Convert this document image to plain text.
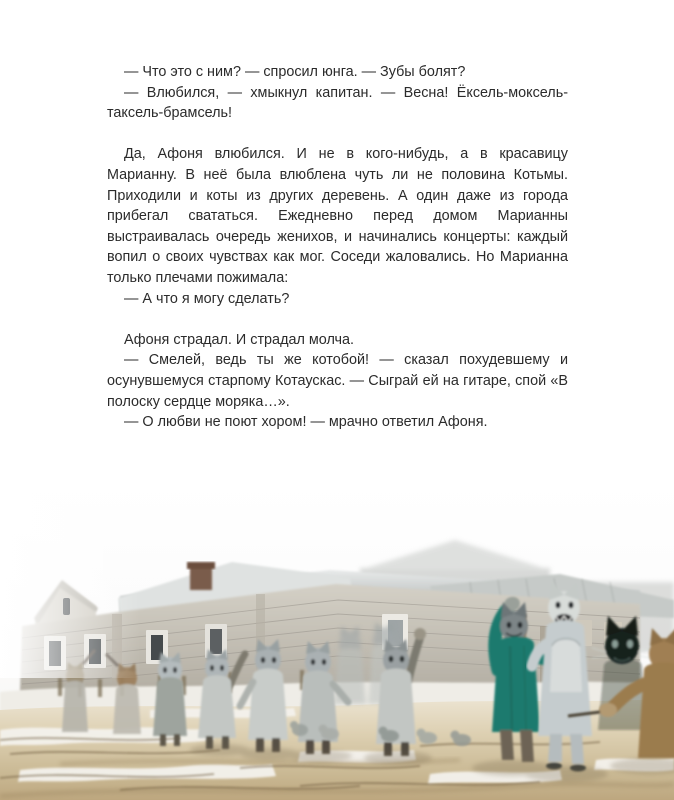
— Что это с ним? — спросил юнга. — Зубы болят?

— Влюбился, — хмыкнул капитан. — Весна! Ёксель-моксель-таксель-брамсель!

Да, Афоня влюбился. И не в кого-нибудь, а в красавицу Марианну. В неё была влюблена чуть ли не половина Котьмы. Приходили и коты из других деревень. А один даже из города прибегал свататься. Ежедневно перед домом Марианны выстраивалась очередь женихов, и начинались концерты: каждый вопил о своих чувствах как мог. Соседи жаловались. Но Марианна только плечами пожимала:

— А что я могу сделать?

Афоня страдал. И страдал молча.

— Смелей, ведь ты же котобой! — сказал похудевшему и осунувшемуся старпому Котаускас. — Сыграй ей на гитаре, спой «В полоску сердце моряка…».

— О любви не поют хором! — мрачно ответил Афоня.
